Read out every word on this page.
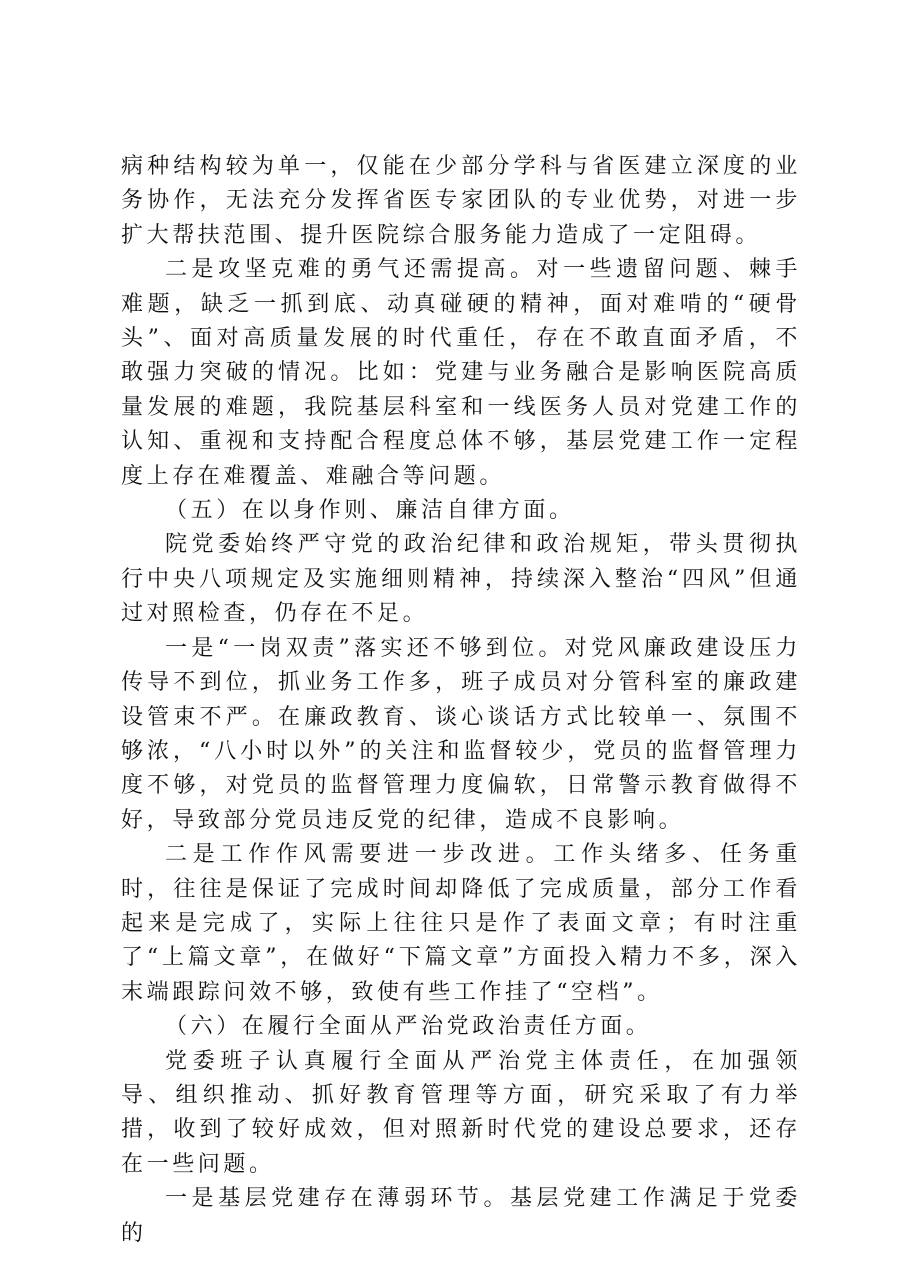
病种结构较为单一，仅能在少部分学科与省医建立深度的业务协作，无法充分发挥省医专家团队的专业优势，对进一步扩大帮扶范围、提升医院综合服务能力造成了一定阻碍。

二是攻坚克难的勇气还需提高。对一些遗留问题、棘手难题，缺乏一抓到底、动真碰硬的精神，面对难啃的“硬骨头”、面对高质量发展的时代重任，存在不敢直面矛盾，不敢强力突破的情况。比如：党建与业务融合是影响医院高质量发展的难题，我院基层科室和一线医务人员对党建工作的认知、重视和支持配合程度总体不够，基层党建工作一定程度上存在难覆盖、难融合等问题。

（五）在以身作则、廉洁自律方面。

院党委始终严守党的政治纪律和政治规矩，带头贯彻执行中央八项规定及实施细则精神，持续深入整治“四风”但通过对照检查，仍存在不足。

一是“一岗双责”落实还不够到位。对党风廉政建设压力传导不到位，抓业务工作多，班子成员对分管科室的廉政建设管束不严。在廉政教育、谈心谈话方式比较单一、氛围不够浓，“八小时以外”的关注和监督较少，党员的监督管理力度不够，对党员的监督管理力度偏软，日常警示教育做得不好，导致部分党员违反党的纪律，造成不良影响。

二是工作作风需要进一步改进。工作头绪多、任务重时，往往是保证了完成时间却降低了完成质量，部分工作看起来是完成了，实际上往往只是作了表面文章；有时注重了“上篇文章”，在做好“下篇文章”方面投入精力不多，深入末端跟踪问效不够，致使有些工作挂了“空档”。

（六）在履行全面从严治党政治责任方面。

党委班子认真履行全面从严治党主体责任，在加强领导、组织推动、抓好教育管理等方面，研究采取了有力举措，收到了较好成效，但对照新时代党的建设总要求，还存在一些问题。

一是基层党建存在薄弱环节。基层党建工作满足于党委的
